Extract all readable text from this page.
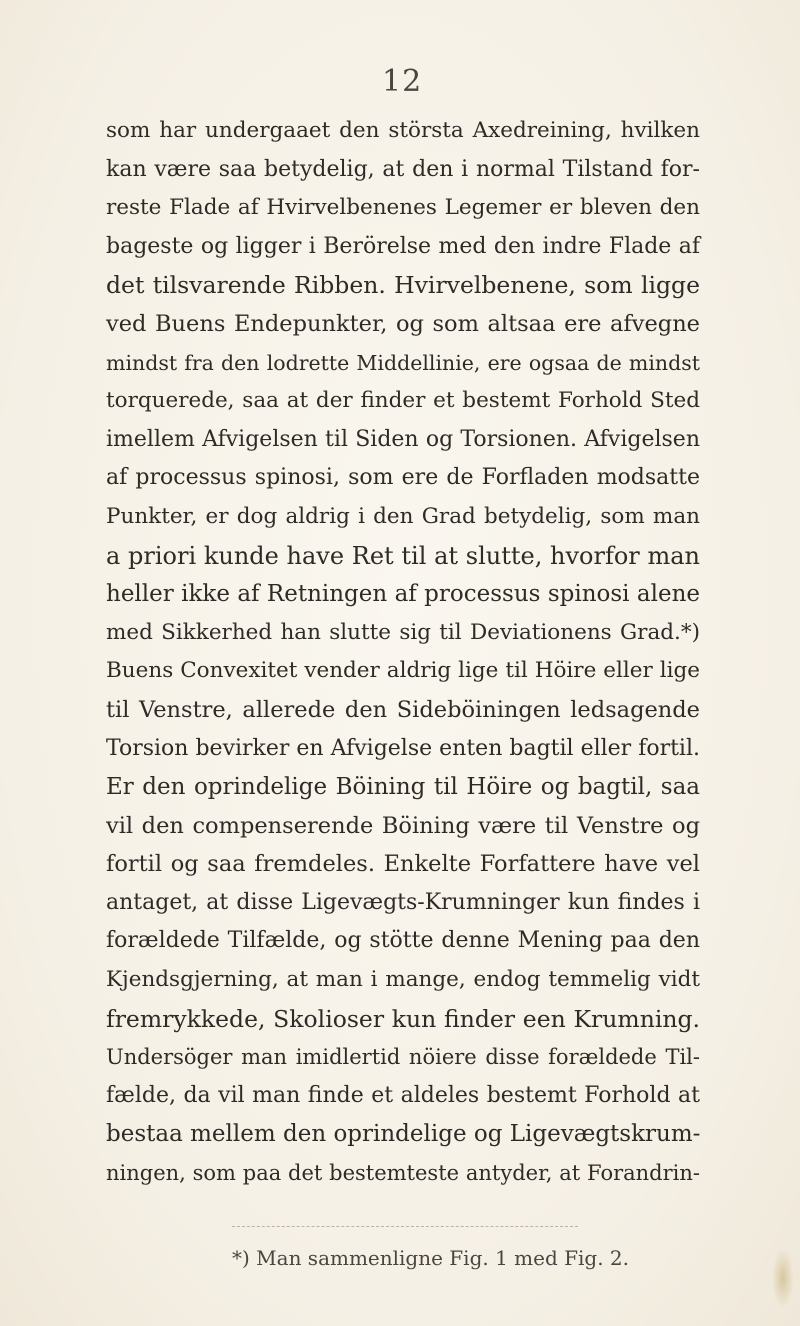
12
som har undergaaet den största Axedreining, hvilken
kan være saa betydelig, at den i normal Tilstand for-
reste Flade af Hvirvelbenenes Legemer er bleven den
bageste og ligger i Berörelse med den indre Flade af
det tilsvarende Ribben. Hvirvelbenene, som ligge
ved Buens Endepunkter, og som altsaa ere afvegne
mindst fra den lodrette Middellinie, ere ogsaa de mindst
torquerede, saa at der finder et bestemt Forhold Sted
imellem Afvigelsen til Siden og Torsionen. Afvigelsen
af processus spinosi, som ere de Forfladen modsatte
Punkter, er dog aldrig i den Grad betydelig, som man
a priori kunde have Ret til at slutte, hvorfor man
heller ikke af Retningen af processus spinosi alene
med Sikkerhed han slutte sig til Deviationens Grad.*)
Buens Convexitet vender aldrig lige til Höire eller lige
til Venstre, allerede den Sideböiningen ledsagende
Torsion bevirker en Afvigelse enten bagtil eller fortil.
Er den oprindelige Böining til Höire og bagtil, saa
vil den compenserende Böining være til Venstre og
fortil og saa fremdeles. Enkelte Forfattere have vel
antaget, at disse Ligevægts-Krumninger kun findes i
forældede Tilfælde, og stötte denne Mening paa den
Kjendsgjerning, at man i mange, endog temmelig vidt
fremrykkede, Skolioser kun finder een Krumning.
Undersöger man imidlertid nöiere disse forældede Til-
fælde, da vil man finde et aldeles bestemt Forhold at
bestaa mellem den oprindelige og Ligevægtskrum-
ningen, som paa det bestemteste antyder, at Forandrin-
*) Man sammenligne Fig. 1 med Fig. 2.
